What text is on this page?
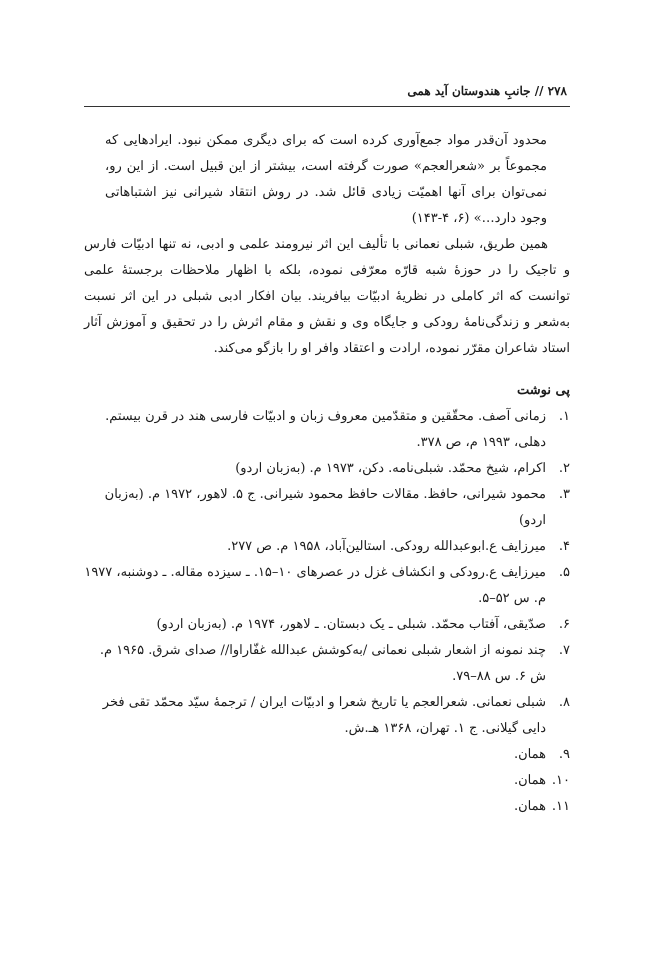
۲۷۸ // جانبِ هندوستان آید همی

محدود آن‌قدر مواد جمع‌آوری کرده است که برای دیگری ممکن نبود. ایرادهایی که مجموعاً بر «شعرالعجم» صورت گرفته است، بیشتر از این قبیل است. از این رو، نمی‌توان برای آنها اهمیّت زیادی قائل شد. در روش انتقاد شیرانی نیز اشتباهاتی وجود دارد…» (۶، ۴-۱۴۳)

همین طریق، شبلی نعمانی با تألیف این اثر نیرومند علمی و ادبی، نه تنها ادبیّات فارس و تاجیک را در حوزهٔ شبه قارّه معرّفی نموده، بلکه با اظهار ملاحظات برجستهٔ علمی توانست که اثر کاملی در نظریهٔ ادبیّات بیافریند. بیان افکار ادبی شبلی در این اثر نسبت به‌شعر و زندگی‌نامهٔ رودکی و جایگاه وی و نقش و مقام اثرش را در تحقیق و آموزش آثار استاد شاعران مقرّر نموده، ارادت و اعتقاد وافر او را بازگو می‌کند.

پی نوشت
۱.
زمانی آصف. محقّقین و متقدّمین معروف زبان و ادبیّات فارسی هند در قرن بیستم. دهلی، ۱۹۹۳ م، ص ۳۷۸.
۲.
اکرام، شیخ محمّد. شبلی‌نامه. دکن، ۱۹۷۳ م. (به‌زبان اردو)
۳.
محمود شیرانی، حافظ. مقالات حافظ محمود شیرانی. ج ۵. لاهور، ۱۹۷۲ م. (به‌زبان اردو)
۴.
میرزایف ع.ابوعبدالله رودکی. استالین‌آباد، ۱۹۵۸ م. ص ۲۷۷.
۵.
میرزایف ع.رودکی و انکشاف غزل در عصرهای ۱۰–۱۵. ـ سیزده مقاله. ـ دوشنبه، ۱۹۷۷ م. س ۵۲–۵.
۶.
صدّیقی، آفتاب محمّد. شبلی ـ یک دبستان. ـ لاهور، ۱۹۷۴ م. (به‌زبان اردو)
۷.
چند نمونه از اشعار شبلی نعمانی /به‌کوشش عبدالله غفّاراوا// صدای شرق. ۱۹۶۵ م. ش ۶. س ۸۸–۷۹.
۸.
شبلی نعمانی. شعرالعجم یا تاریخ شعرا و ادبیّات ایران / ترجمهٔ سیّد محمّد تقی فخر دایی گیلانی. ج ۱. تهران، ۱۳۶۸ هـ.ش.
۹.
همان.
۱۰.
همان.
۱۱.
همان.
